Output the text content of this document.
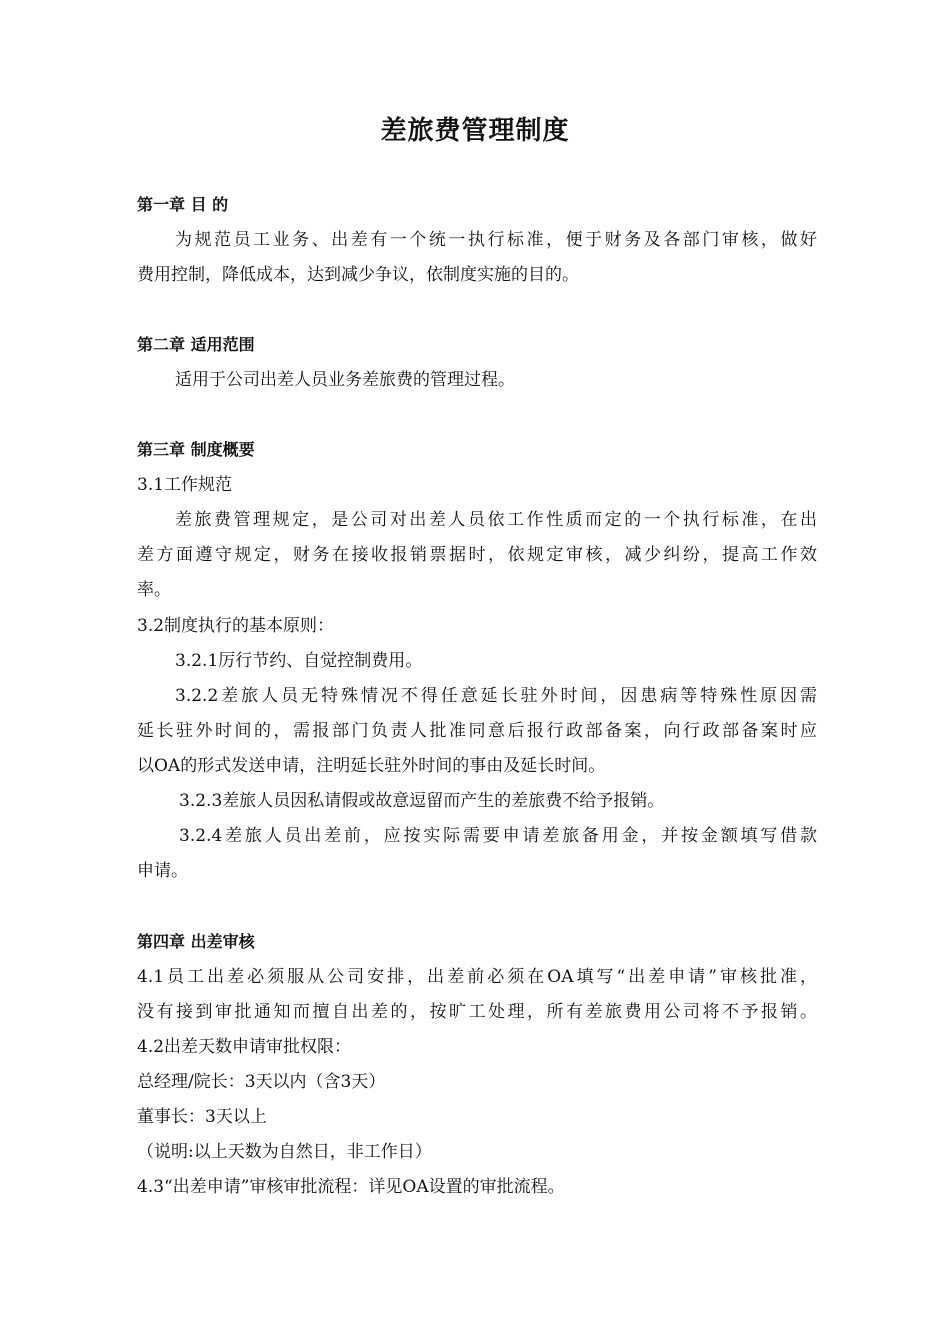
差旅费管理制度

第一章 目 的

为规范员工业务、出差有一个统一执行标准，便于财务及各部门审核，做好

费用控制，降低成本，达到减少争议，依制度实施的目的。

第二章 适用范围

适用于公司出差人员业务差旅费的管理过程。

第三章 制度概要

3.1工作规范

差旅费管理规定，是公司对出差人员依工作性质而定的一个执行标准，在出

差方面遵守规定，财务在接收报销票据时，依规定审核，减少纠纷，提高工作效

率。

3.2制度执行的基本原则：

3.2.1厉行节约、自觉控制费用。

3.2.2差旅人员无特殊情况不得任意延长驻外时间，因患病等特殊性原因需

延长驻外时间的，需报部门负责人批准同意后报行政部备案，向行政部备案时应

以OA的形式发送申请，注明延长驻外时间的事由及延长时间。

3.2.3差旅人员因私请假或故意逗留而产生的差旅费不给予报销。

3.2.4差旅人员出差前，应按实际需要申请差旅备用金，并按金额填写借款

申请。

第四章 出差审核

4.1员工出差必须服从公司安排，出差前必须在OA填写“出差申请”审核批准，

没有接到审批通知而擅自出差的，按旷工处理，所有差旅费用公司将不予报销。

4.2出差天数申请审批权限：

总经理/院长：3天以内（含3天）

董事长：3天以上

（说明:以上天数为自然日，非工作日）

4.3“出差申请”审核审批流程：详见OA设置的审批流程。
